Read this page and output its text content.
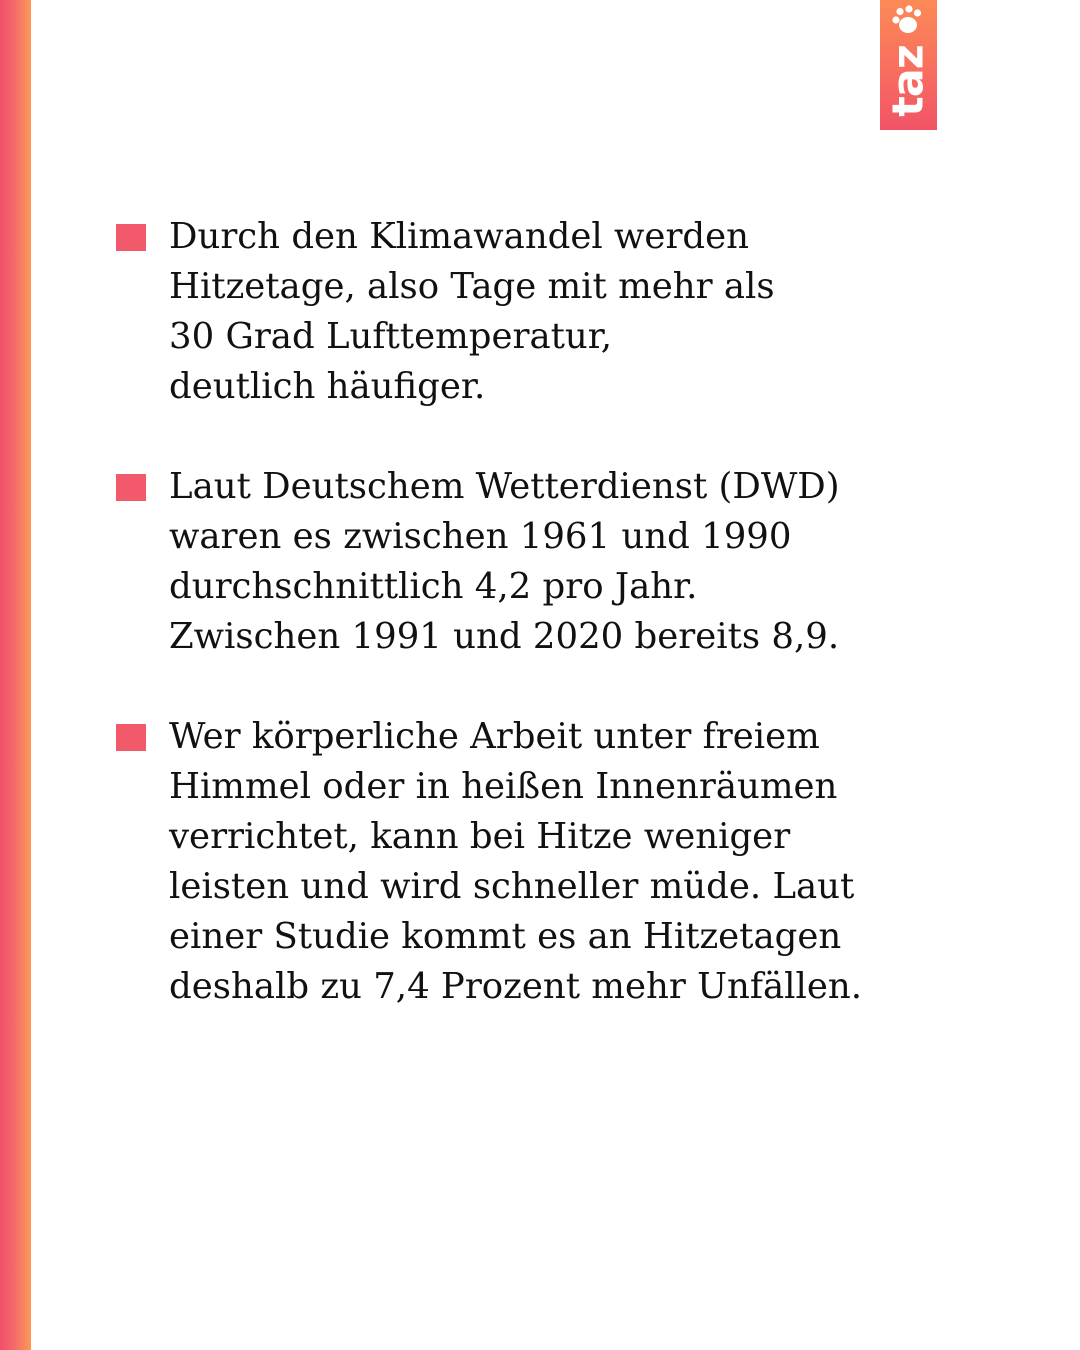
taz
Durch den Klimawandel werden
Hitzetage, also Tage mit mehr als
30 Grad Lufttemperatur,
deutlich häufiger.
Laut Deutschem Wetterdienst (DWD)
waren es zwischen 1961 und 1990
durchschnittlich 4,2 pro Jahr.
Zwischen 1991 und 2020 bereits 8,9.
Wer körperliche Arbeit unter freiem
Himmel oder in heißen Innenräumen
verrichtet, kann bei Hitze weniger
leisten und wird schneller müde. Laut
einer Studie kommt es an Hitzetagen
deshalb zu 7,4 Prozent mehr Unfällen.
